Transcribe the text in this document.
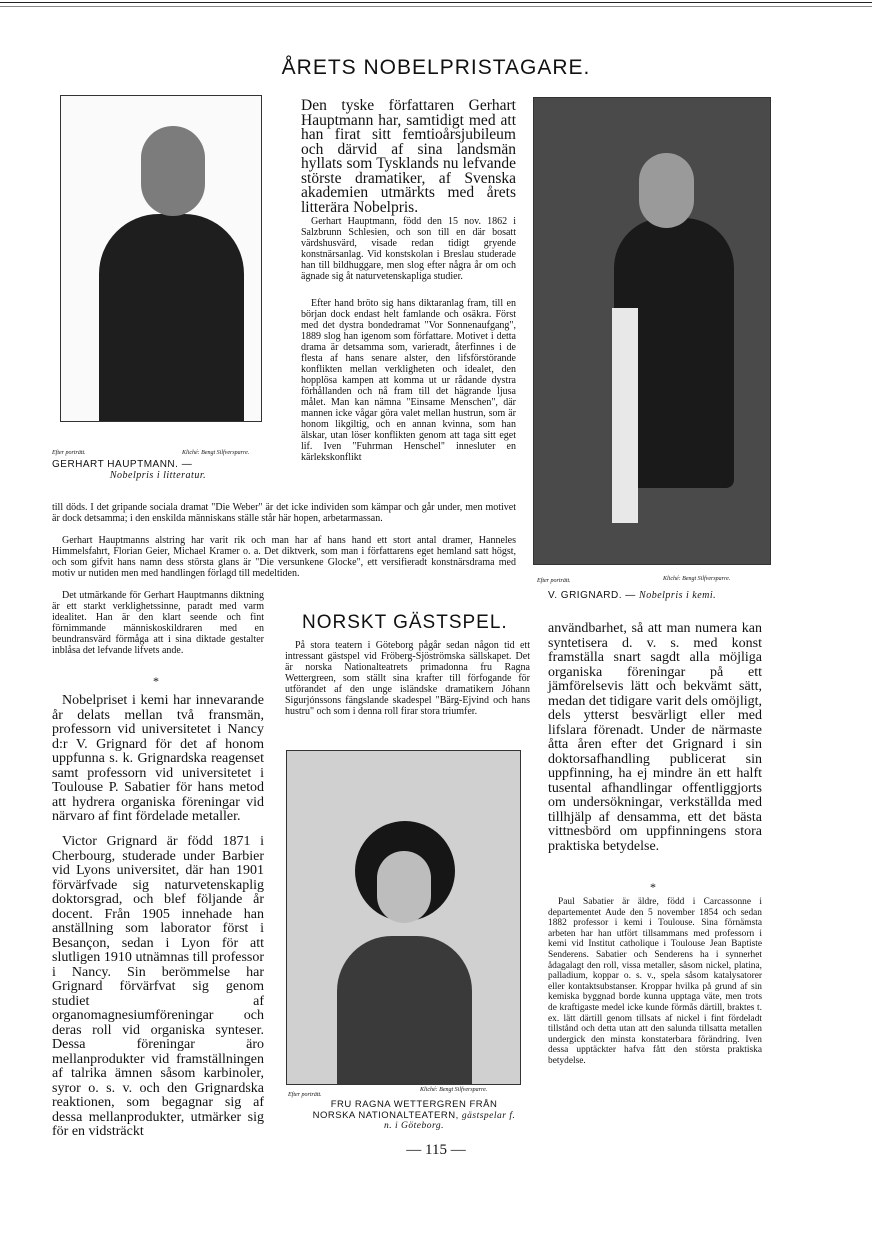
ÅRETS NOBELPRISTAGARE.
Efter porträtt.	Kliché: Bengt Silfversparre.
GERHART HAUPTMANN. — Nobelpris i litteratur.
Den tyske författaren Gerhart Hauptmann har, samtidigt med att han firat sitt femtioårsjubileum och därvid af sina landsmän hyllats som Tysklands nu lefvande störste dramatiker, af Svenska akademien utmärkts med årets litterära Nobelpris.
Gerhart Hauptmann, född den 15 nov. 1862 i Salzbrunn Schlesien, och son till en där bosatt värdshusvärd, visade redan tidigt gryende konstnärsanlag. Vid konstskolan i Breslau studerade han till bildhuggare, men slog efter några år om och ägnade sig åt naturvetenskapliga studier.
Efter hand bröto sig hans diktaranlag fram, till en början dock endast helt famlande och osäkra. Först med det dystra bondedramat "Vor Sonnenaufgang", 1889 slog han igenom som författare. Motivet i detta drama är detsamma som, varieradt, återfinnes i de flesta af hans senare alster, den lifsförstörande konflikten mellan verkligheten och idealet, den hopplösa kampen att komma ut ur rådande dystra förhållanden och nå fram till det hägrande ljusa målet. Man kan nämna "Einsame Menschen", där mannen icke vågar göra valet mellan hustrun, som är honom likgiltig, och en annan kvinna, som han älskar, utan löser konflikten genom att taga sitt eget lif. Iven "Fuhrman Henschel" innesluter en kärlekskonflikt
till döds. I det gripande sociala dramat "Die Weber" är det icke individen som kämpar och går under, men motivet är dock detsamma; i den enskilda människans ställe står här hopen, arbetarmassan.
Gerhart Hauptmanns alstring har varit rik och man har af hans hand ett stort antal dramer, Hanneles Himmelsfahrt, Florian Geier, Michael Kramer o. a. Det diktverk, som man i författarens eget hemland satt högst, och som gifvit hans namn dess största glans är "Die versunkene Glocke", ett versifieradt konstnärsdrama med motiv ur nutiden men med handlingen förlagd till medeltiden.
Det utmärkande för Gerhart Hauptmanns diktning är ett starkt verklighetssinne, paradt med varm idealitet. Han är den klart seende och fint förnimmande människoskildraren med en beundransvärd förmåga att i sina diktade gestalter inblåsa det lefvande lifvets ande.
Efter porträtt.	Kliché: Bengt Silfversparre.
V. GRIGNARD. — Nobelpris i kemi.
*
Nobelpriset i kemi har innevarande år delats mellan två fransmän, professorn vid universitetet i Nancy d:r V. Grignard för det af honom uppfunna s. k. Grignardska reagenset samt professorn vid universitetet i Toulouse P. Sabatier för hans metod att hydrera organiska föreningar vid närvaro af fint fördelade metaller.
Victor Grignard är född 1871 i Cherbourg, studerade under Barbier vid Lyons universitet, där han 1901 förvärfvade sig naturvetenskaplig doktorsgrad, och blef följande år docent. Från 1905 innehade han anställning som laborator först i Besançon, sedan i Lyon för att slutligen 1910 utnämnas till professor i Nancy. Sin berömmelse har Grignard förvärfvat sig genom studiet af organomagnesiumföreningar och deras roll vid organiska synteser. Dessa föreningar äro mellanprodukter vid framställningen af talrika ämnen såsom karbinoler, syror o. s. v. och den Grignardska reaktionen, som begagnar sig af dessa mellanprodukter, utmärker sig för en vidsträckt
användbarhet, så att man numera kan syntetisera d. v. s. med konst framställa snart sagdt alla möjliga organiska föreningar på ett jämförelsevis lätt och bekvämt sätt, medan det tidigare varit dels omöjligt, dels ytterst besvärligt eller med lifslara förenadt. Under de närmaste åtta åren efter det Grignard i sin doktorsafhandling publicerat sin uppfinning, ha ej mindre än ett halft tusental afhandlingar offentliggjorts om undersökningar, verkställda med tillhjälp af densamma, ett det bästa vittnesbörd om uppfinningens stora praktiska betydelse.
*
Paul Sabatier är äldre, född i Carcassonne i departementet Aude den 5 november 1854 och sedan 1882 professor i kemi i Toulouse. Sina förnämsta arbeten har han utfört tillsammans med professorn i kemi vid Institut catholique i Toulouse Jean Baptiste Senderens. Sabatier och Senderens ha i synnerhet ådagalagt den roll, vissa metaller, såsom nickel, platina, palladium, koppar o. s. v., spela såsom katalysatorer eller kontaktsubstanser. Kroppar hvilka på grund af sin kemiska byggnad borde kunna upptaga väte, men trots de kraftigaste medel icke kunde förmås därtill, braktes t. ex. lätt därtill genom tillsats af nickel i fint fördeladt tillstånd och detta utan att den salunda tillsatta metallen undergick den minsta konstaterbara förändring. Iven dessa upptäckter hafva fått den största praktiska betydelse.
NORSKT GÄSTSPEL.
På stora teatern i Göteborg pågår sedan någon tid ett intressant gästspel vid Fröberg-Sjöströmska sällskapet. Det är norska Nationalteatrets primadonna fru Ragna Wettergreen, som ställt sina krafter till förfogande för utförandet af den unge isländske dramatikern Jóhann Sigurjónssons fängslande skadespel "Bärg-Ejvind och hans hustru" och som i denna roll firar stora triumfer.
Efter porträtt.
Kliché: Bengt Silfversparre.
FRU RAGNA WETTERGREN FRÅN
NORSKA NATIONALTEATERN, gästspelar f. n. i Göteborg.
— 115 —
